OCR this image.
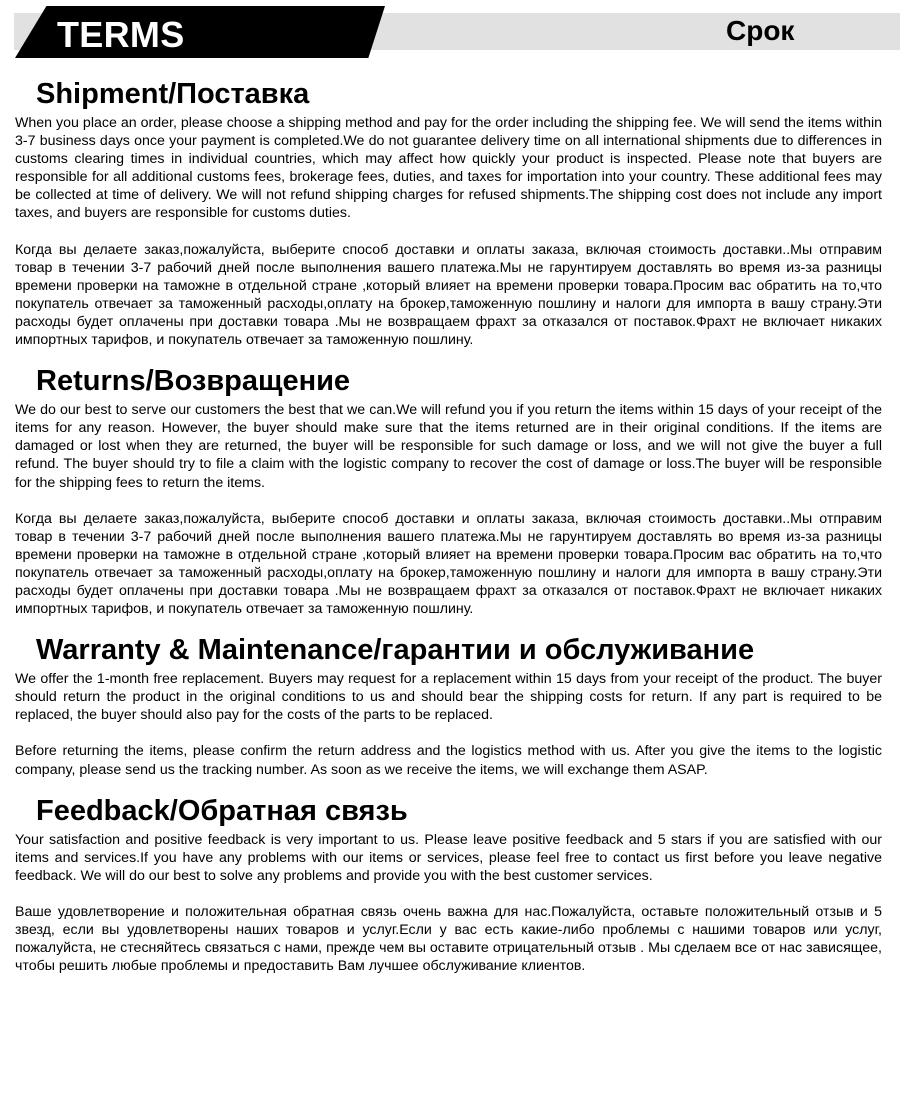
TERMS	Срок
Shipment/Поставка

When you place an order, please choose a shipping method and pay for the order including the shipping fee. We will send the items within 3-7 business days once your payment is completed.We do not guarantee delivery time on all international shipments due to differences in customs clearing times in individual countries, which may affect how quickly your product is inspected. Please note that buyers are responsible for all additional customs fees, brokerage fees, duties, and taxes for importation into your country. These additional fees may be collected at time of delivery. We will not refund shipping charges for refused shipments.The shipping cost does not include any import taxes, and buyers are responsible for customs duties.

Когда вы делаете заказ,пожалуйста, выберите способ доставки и оплаты заказа, включая стоимость доставки..Мы отправим товар в течении 3-7 рабочий дней после выполнения вашего платежа.Мы не гарунтируем доставлять во время из-за разницы времени проверки на таможне в отдельной стране ,который влияет на времени проверки товара.Просим вас обратить на то,что покупатель отвечает за таможенный расходы,оплату на брокер,таможенную пошлину и налоги для импорта в вашу страну.Эти расходы будет оплачены при доставки товара .Мы не возвращаем фрахт за отказался от поставок.Фрахт не включает никаких импортных тарифов, и покупатель отвечает за таможенную пошлину.

Returns/Возвращение

We do our best to serve our customers the best that we can.We will refund you if you return the items within 15 days of your receipt of the items for any reason. However, the buyer should make sure that the items returned are in their original conditions. If the items are damaged or lost when they are returned, the buyer will be responsible for such damage or loss, and we will not give the buyer a full refund. The buyer should try to file a claim with the logistic company to recover the cost of damage or loss.The buyer will be responsible for the shipping fees to return the items.

Когда вы делаете заказ,пожалуйста, выберите способ доставки и оплаты заказа, включая стоимость доставки..Мы отправим товар в течении 3-7 рабочий дней после выполнения вашего платежа.Мы не гарунтируем доставлять во время из-за разницы времени проверки на таможне в отдельной стране ,который влияет на времени проверки товара.Просим вас обратить на то,что покупатель отвечает за таможенный расходы,оплату на брокер,таможенную пошлину и налоги для импорта в вашу страну.Эти расходы будет оплачены при доставки товара .Мы не возвращаем фрахт за отказался от поставок.Фрахт не включает никаких импортных тарифов, и покупатель отвечает за таможенную пошлину.

Warranty & Maintenance/гарантии и обслуживание

We offer the 1-month free replacement. Buyers may request for a replacement within 15 days from your receipt of the product. The buyer should return the product in the original conditions to us and should bear the shipping costs for return. If any part is required to be replaced, the buyer should also pay for the costs of the parts to be replaced.

Before returning the items, please confirm the return address and the logistics method with us. After you give the items to the logistic company, please send us the tracking number. As soon as we receive the items, we will exchange them ASAP.

Feedback/Обратная связь

Your satisfaction and positive feedback is very important to us. Please leave positive feedback and 5 stars if you are satisfied with our items and services.If you have any problems with our items or services, please feel free to contact us first before you leave negative feedback. We will do our best to solve any problems and provide you with the best customer services.

Ваше удовлетворение и положительная обратная связь очень важна для нас.Пожалуйста, оставьте положительный отзыв и 5 звезд, если вы удовлетворены наших товаров и услуг.Если у вас есть какие-либо проблемы с нашими товаров или услуг, пожалуйста, не стесняйтесь связаться с нами, прежде чем вы оставите отрицательный отзыв . Мы сделаем все от нас зависящее, чтобы решить любые проблемы и предоставить Вам лучшее обслуживание клиентов.
